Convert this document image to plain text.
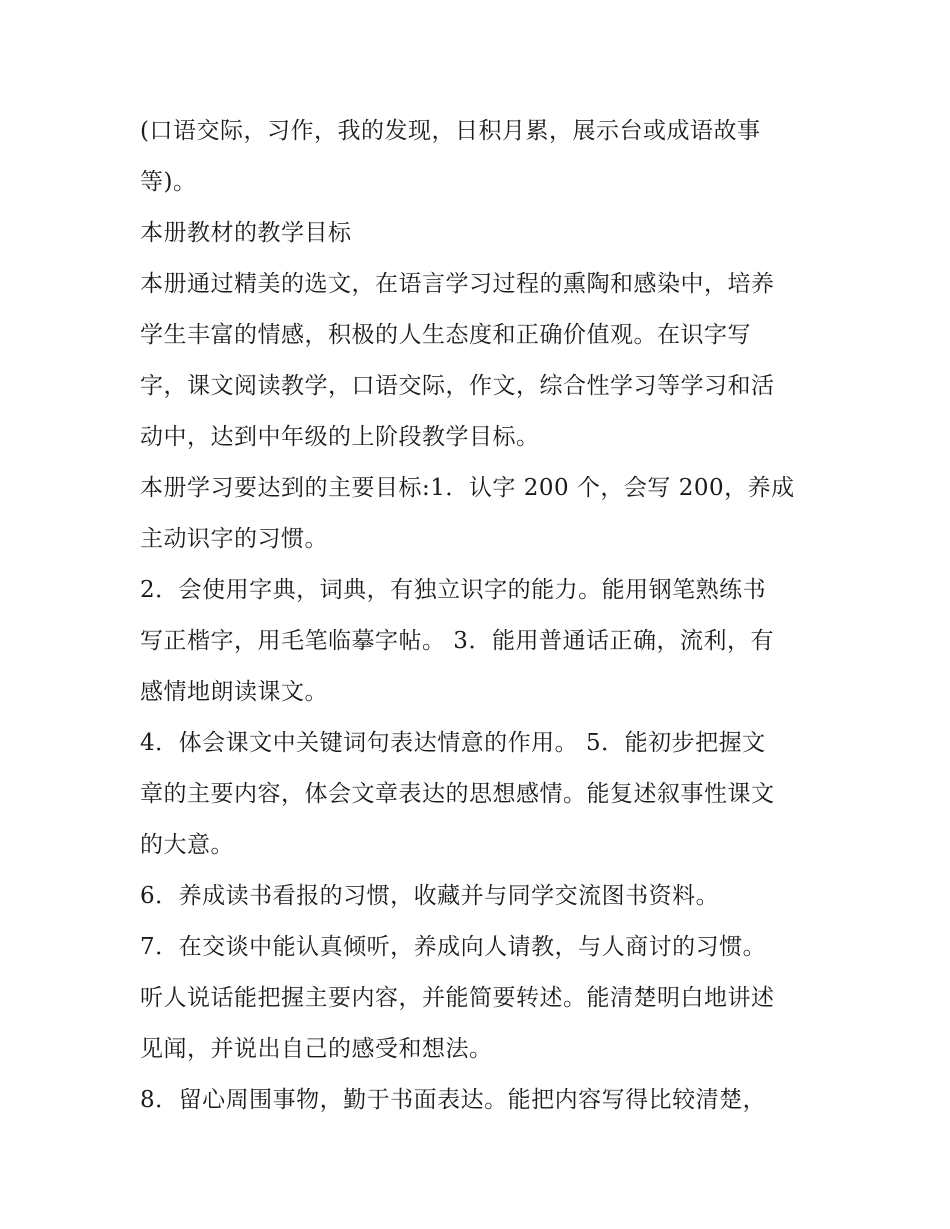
(口语交际，习作，我的发现，日积月累，展示台或成语故事
等)。
本册教材的教学目标
本册通过精美的选文，在语言学习过程的熏陶和感染中，培养
学生丰富的情感，积极的人生态度和正确价值观。在识字写
字，课文阅读教学，口语交际，作文，综合性学习等学习和活
动中，达到中年级的上阶段教学目标。
本册学习要达到的主要目标:1．认字 200 个，会写 200，养成
主动识字的习惯。
2．会使用字典，词典，有独立识字的能力。能用钢笔熟练书
写正楷字，用毛笔临摹字帖。 3．能用普通话正确，流利，有
感情地朗读课文。
4．体会课文中关键词句表达情意的作用。 5．能初步把握文
章的主要内容，体会文章表达的思想感情。能复述叙事性课文
的大意。
6．养成读书看报的习惯，收藏并与同学交流图书资料。
7．在交谈中能认真倾听，养成向人请教，与人商讨的习惯。
听人说话能把握主要内容，并能简要转述。能清楚明白地讲述
见闻，并说出自己的感受和想法。
8．留心周围事物，勤于书面表达。能把内容写得比较清楚，
